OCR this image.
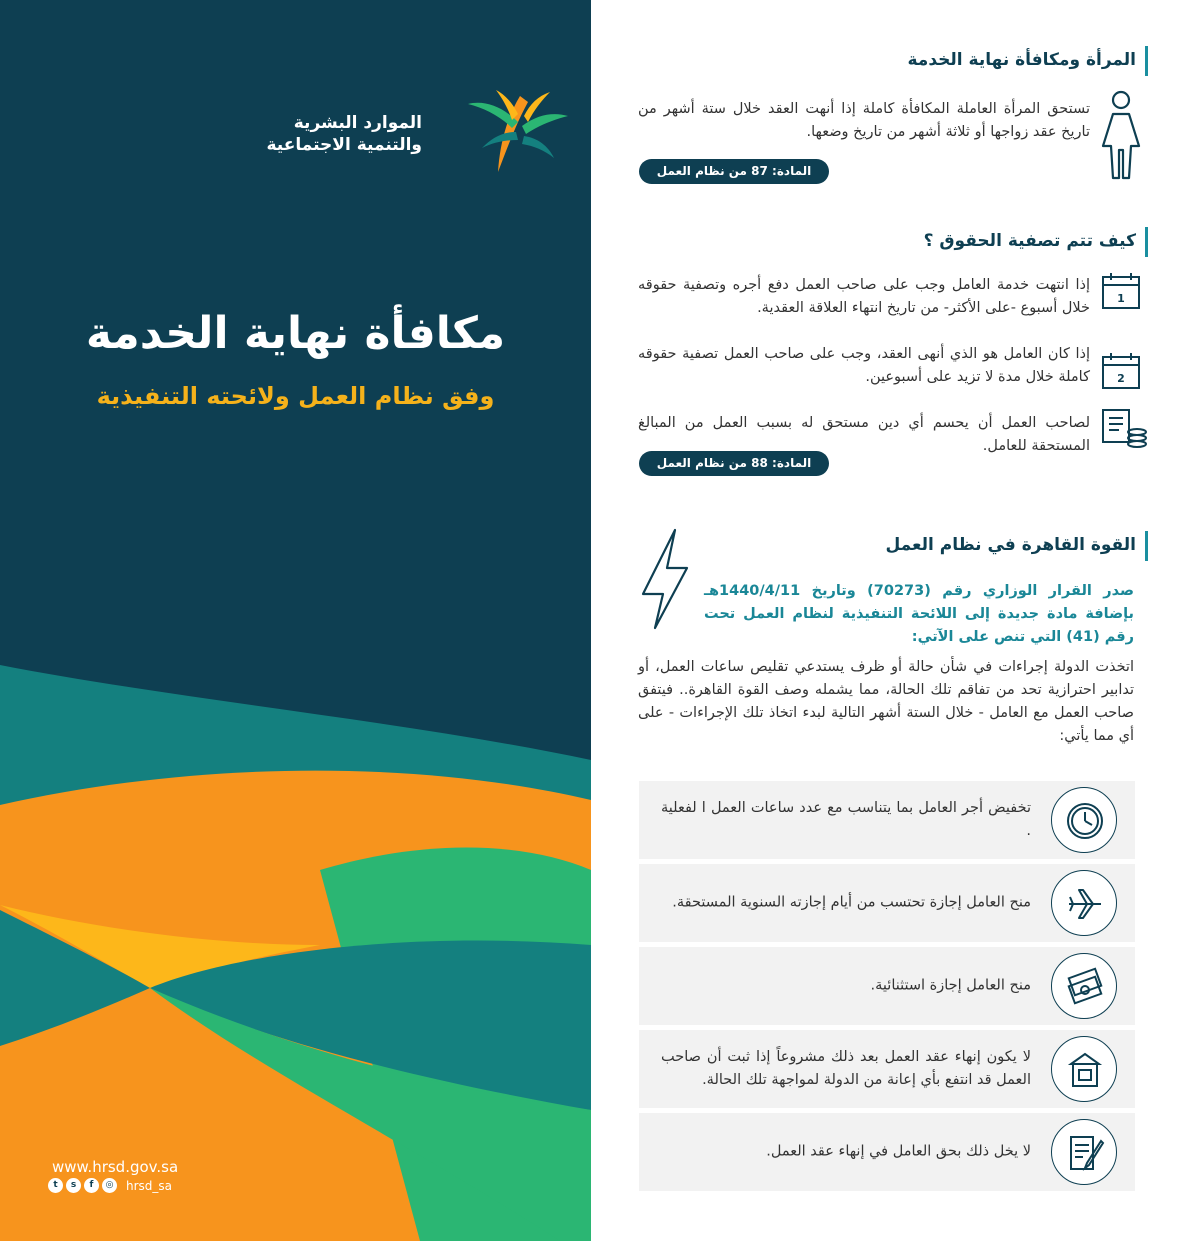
الموارد البشرية
والتنمية الاجتماعية
مكافأة نهاية الخدمة
وفق نظام العمل ولائحته التنفيذية
www.hrsd.gov.sa
t	s	f	◎ hrsd_sa
المرأة ومكافأة نهاية الخدمة
تستحق المرأة العاملة المكافأة كاملة إذا أنهت العقد خلال ستة أشهر من تاريخ عقد زواجها أو ثلاثة أشهر من تاريخ وضعها.
المادة: 87 من نظام العمل
كيف تتم تصفية الحقوق ؟
1
إذا انتهت خدمة العامل وجب على صاحب العمل دفع أجره وتصفية حقوقه خلال أسبوع -على الأكثر- من تاريخ انتهاء العلاقة العقدية.
2
إذا كان العامل هو الذي أنهى العقد، وجب على صاحب العمل تصفية حقوقه كاملة خلال مدة لا تزيد على أسبوعين.
لصاحب العمل أن يحسم أي دين مستحق له بسبب العمل من المبالغ المستحقة للعامل.
المادة: 88 من نظام العمل
القوة القاهرة في نظام العمل
صدر القرار الوزاري رقم (70273) وتاريخ 1440/4/11هـ بإضافة مادة جديدة إلى اللائحة التنفيذية لنظام العمل تحت رقم (41) التي تنص على الآتي:
اتخذت الدولة إجراءات في شأن حالة أو ظرف يستدعي تقليص ساعات العمل، أو تدابير احترازية تحد من تفاقم تلك الحالة، مما يشمله وصف القوة القاهرة.. فيتفق صاحب العمل مع العامل - خلال الستة أشهر التالية لبدء اتخاذ تلك الإجراءات - على أي مما يأتي:
تخفيض أجر العامل بما يتناسب مع عدد ساعات العمل ا لفعلية .
منح العامل إجازة تحتسب من أيام إجازته السنوية المستحقة.
منح العامل إجازة استثنائية.
لا يكون إنهاء عقد العمل بعد ذلك مشروعاً إذا ثبت أن صاحب العمل قد انتفع بأي إعانة من الدولة لمواجهة تلك الحالة.
لا يخل ذلك بحق العامل في إنهاء عقد العمل.
